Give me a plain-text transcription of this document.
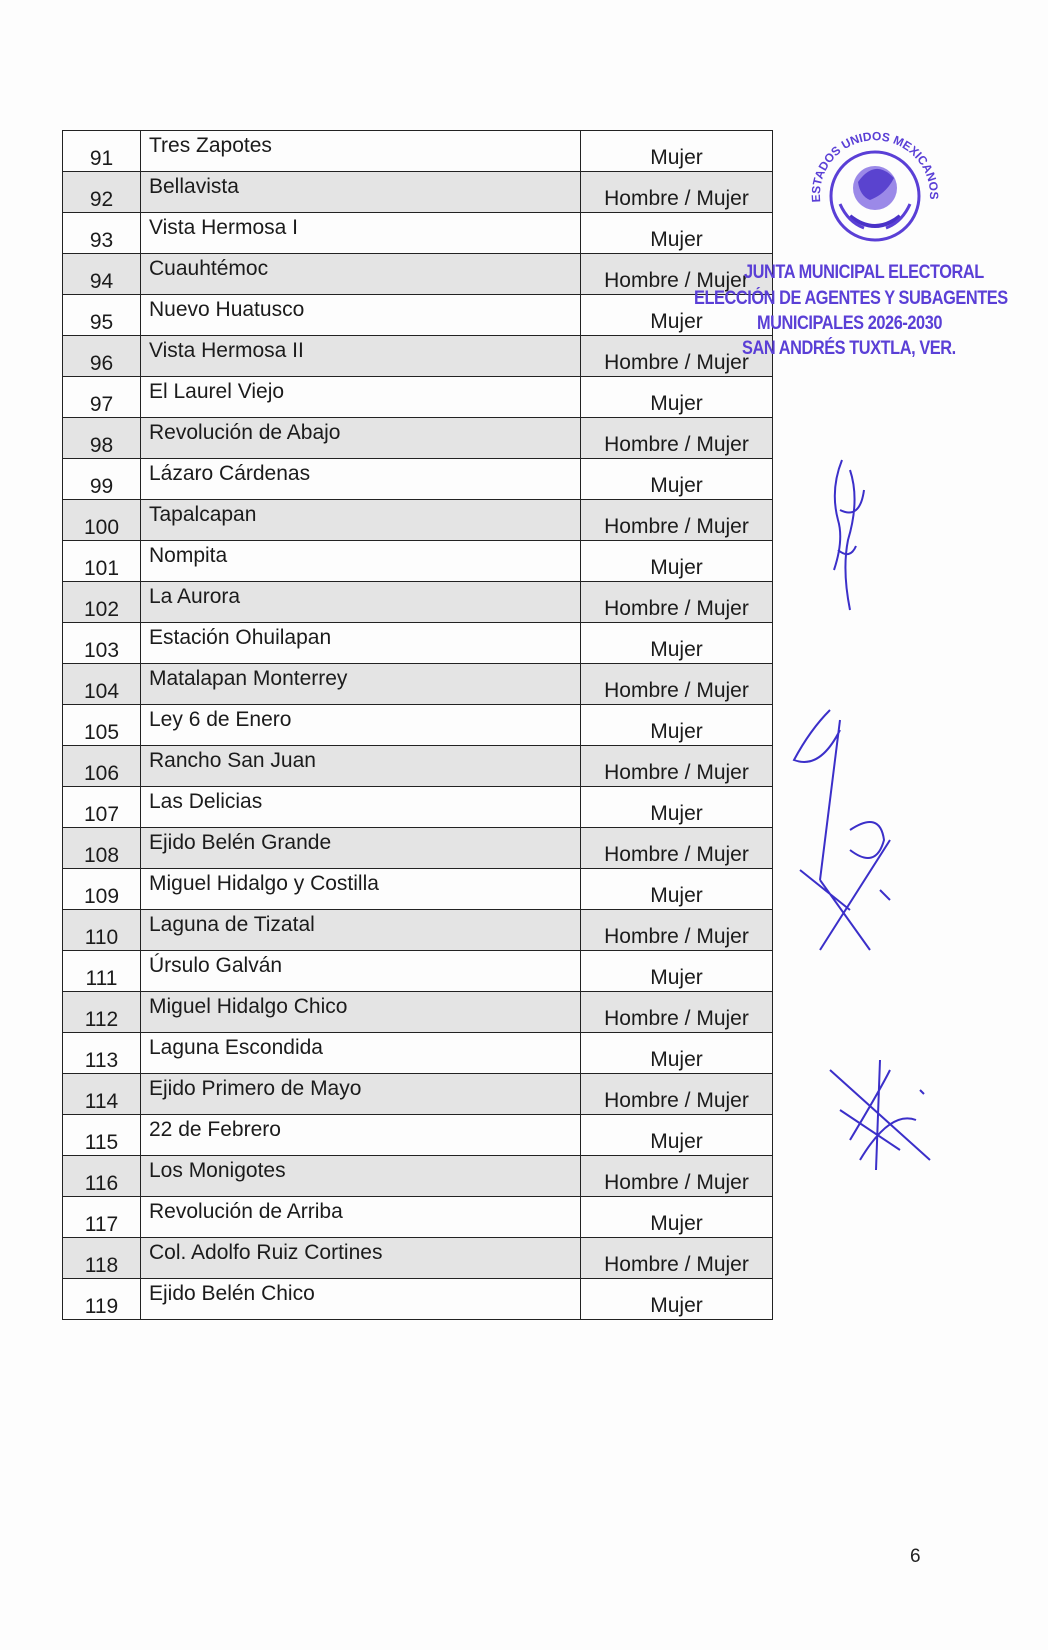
91	Tres Zapotes	Mujer
92	Bellavista	Hombre / Mujer
93	Vista Hermosa I	Mujer
94	Cuauhtémoc	Hombre / Mujer
95	Nuevo Huatusco	Mujer
96	Vista Hermosa II	Hombre / Mujer
97	El Laurel Viejo	Mujer
98	Revolución de Abajo	Hombre / Mujer
99	Lázaro Cárdenas	Mujer
100	Tapalcapan	Hombre / Mujer
101	Nompita	Mujer
102	La Aurora	Hombre / Mujer
103	Estación Ohuilapan	Mujer
104	Matalapan Monterrey	Hombre / Mujer
105	Ley 6 de Enero	Mujer
106	Rancho San Juan	Hombre / Mujer
107	Las Delicias	Mujer
108	Ejido Belén Grande	Hombre / Mujer
109	Miguel Hidalgo y Costilla	Mujer
110	Laguna de Tizatal	Hombre / Mujer
111	Úrsulo Galván	Mujer
112	Miguel Hidalgo Chico	Hombre / Mujer
113	Laguna Escondida	Mujer
114	Ejido Primero de Mayo	Hombre / Mujer
115	22 de Febrero	Mujer
116	Los Monigotes	Hombre / Mujer
117	Revolución de Arriba	Mujer
118	Col. Adolfo Ruiz Cortines	Hombre / Mujer
119	Ejido Belén Chico	Mujer
ESTADOS UNIDOS MEXICANOS
JUNTA MUNICIPAL ELECTORAL
ELECCIÓN DE AGENTES Y SUBAGENTES
MUNICIPALES 2026-2030
SAN ANDRÉS TUXTLA, VER.
6
